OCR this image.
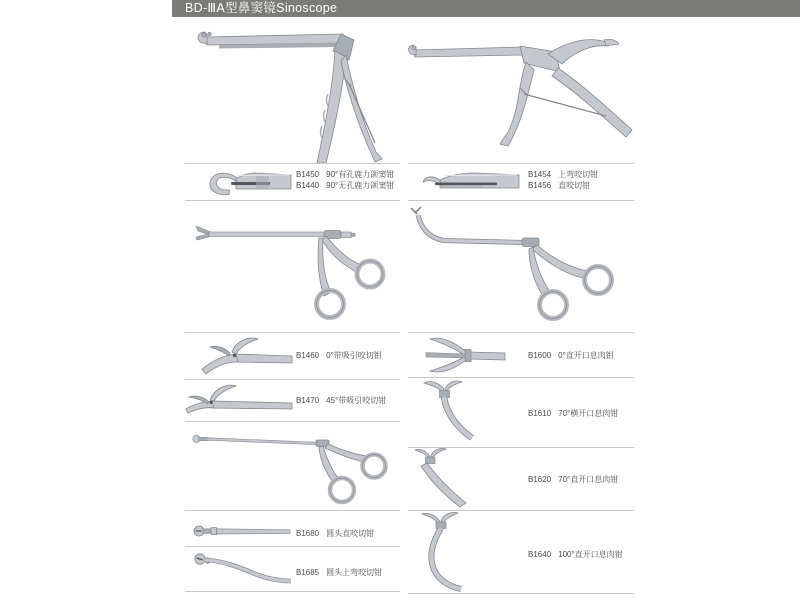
BD-ⅢA型鼻窦镜Sinoscope
B1450 90°有孔鹿力颌窦钳
B1440 90°无孔鹿力颌窦钳
B1454 上弯咬切钳
B1456 直咬切钳
B1460 0°带吸引咬切钳
B1470 45°带吸引咬切钳
B1600 0°直开口息肉钳
B1610 70°横开口息肉钳
B1620 70°直开口息肉钳
B1640 100°直开口息肉钳
B1680 圆头直咬切钳
B1685 圆头上弯咬切钳
